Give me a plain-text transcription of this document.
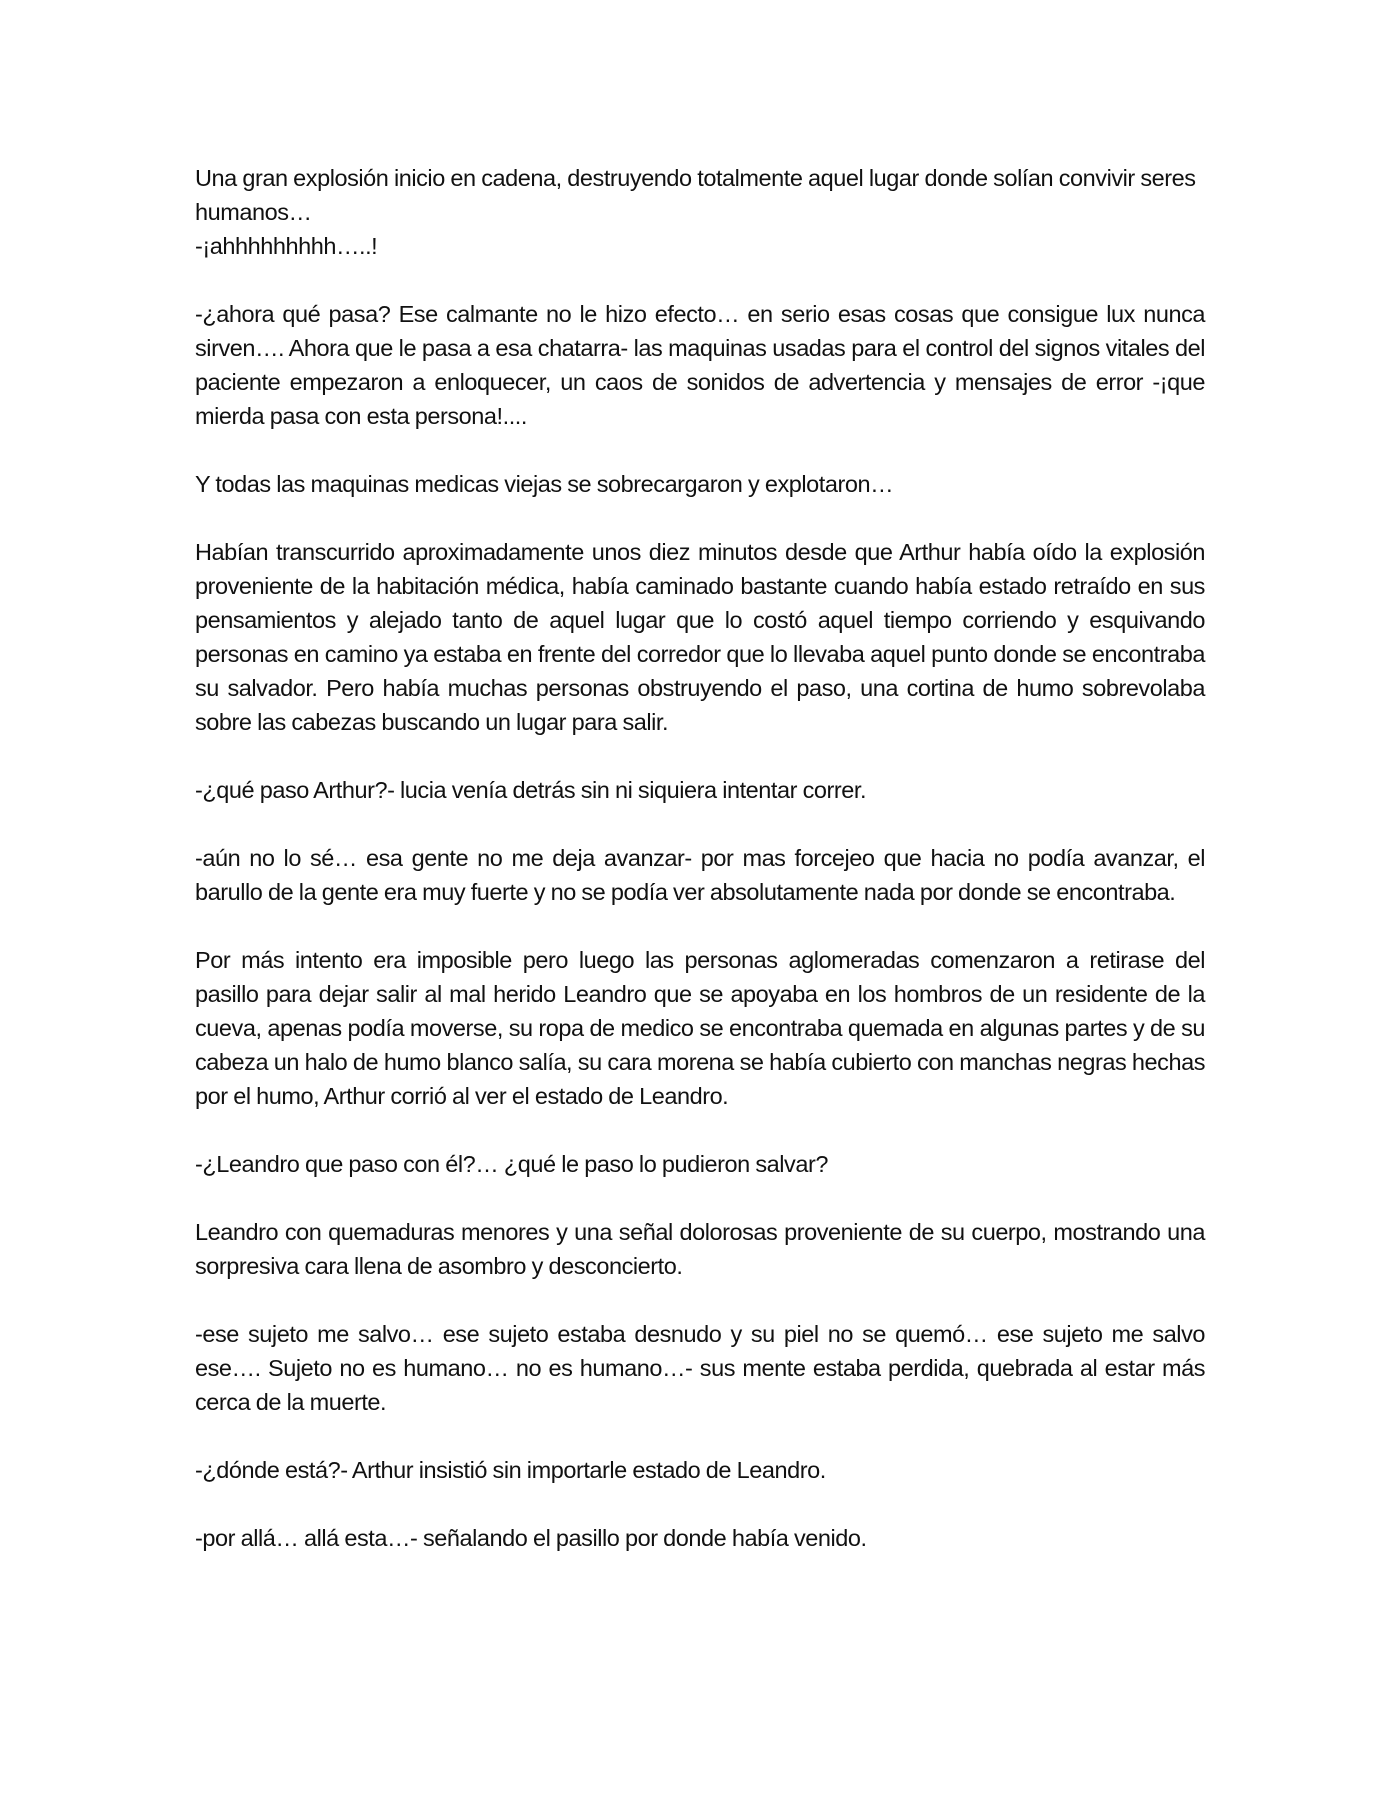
Una gran explosión inicio en cadena, destruyendo totalmente aquel lugar donde solían convivir seres humanos…

-¡ahhhhhhhhh…..!

-¿ahora qué pasa? Ese calmante no le hizo efecto… en serio esas cosas que consigue lux nunca sirven…. Ahora que le pasa a esa chatarra- las maquinas usadas para el control del signos vitales del paciente empezaron a enloquecer, un caos de sonidos de advertencia y mensajes de error -¡que mierda pasa con esta persona!....

Y todas las maquinas medicas viejas se sobrecargaron y explotaron…

Habían transcurrido aproximadamente unos diez minutos desde que Arthur había oído la explosión proveniente de la habitación médica, había caminado bastante cuando había estado retraído en sus pensamientos y alejado tanto de aquel lugar que lo costó aquel tiempo corriendo y esquivando personas en camino ya estaba en frente del corredor que lo llevaba aquel punto donde se encontraba su salvador. Pero había muchas personas obstruyendo el paso, una cortina de humo sobrevolaba sobre las cabezas buscando un lugar para salir.

-¿qué paso Arthur?- lucia venía detrás sin ni siquiera intentar correr.

-aún no lo sé… esa gente no me deja avanzar- por mas forcejeo que hacia no podía avanzar, el barullo de la gente era muy fuerte y no se podía ver absolutamente nada por donde se encontraba.

Por más intento era imposible pero luego las personas aglomeradas comenzaron a retirase del pasillo para dejar salir al mal herido Leandro que se apoyaba en los hombros de un residente de la cueva, apenas podía moverse, su ropa de medico se encontraba quemada en algunas partes y de su cabeza un halo de humo blanco salía, su cara morena se había cubierto con manchas negras hechas por el humo, Arthur corrió al ver el estado de Leandro.

-¿Leandro que paso con él?… ¿qué le paso lo pudieron salvar?

Leandro con quemaduras menores y una señal dolorosas proveniente de su cuerpo, mostrando una sorpresiva cara llena de asombro y desconcierto.

-ese sujeto me salvo… ese sujeto estaba desnudo y su piel no se quemó… ese sujeto me salvo ese…. Sujeto no es humano… no es humano…- sus mente estaba perdida, quebrada al estar más cerca de la muerte.

-¿dónde está?- Arthur insistió sin importarle estado de Leandro.

-por allá… allá esta…- señalando el pasillo por donde había venido.
